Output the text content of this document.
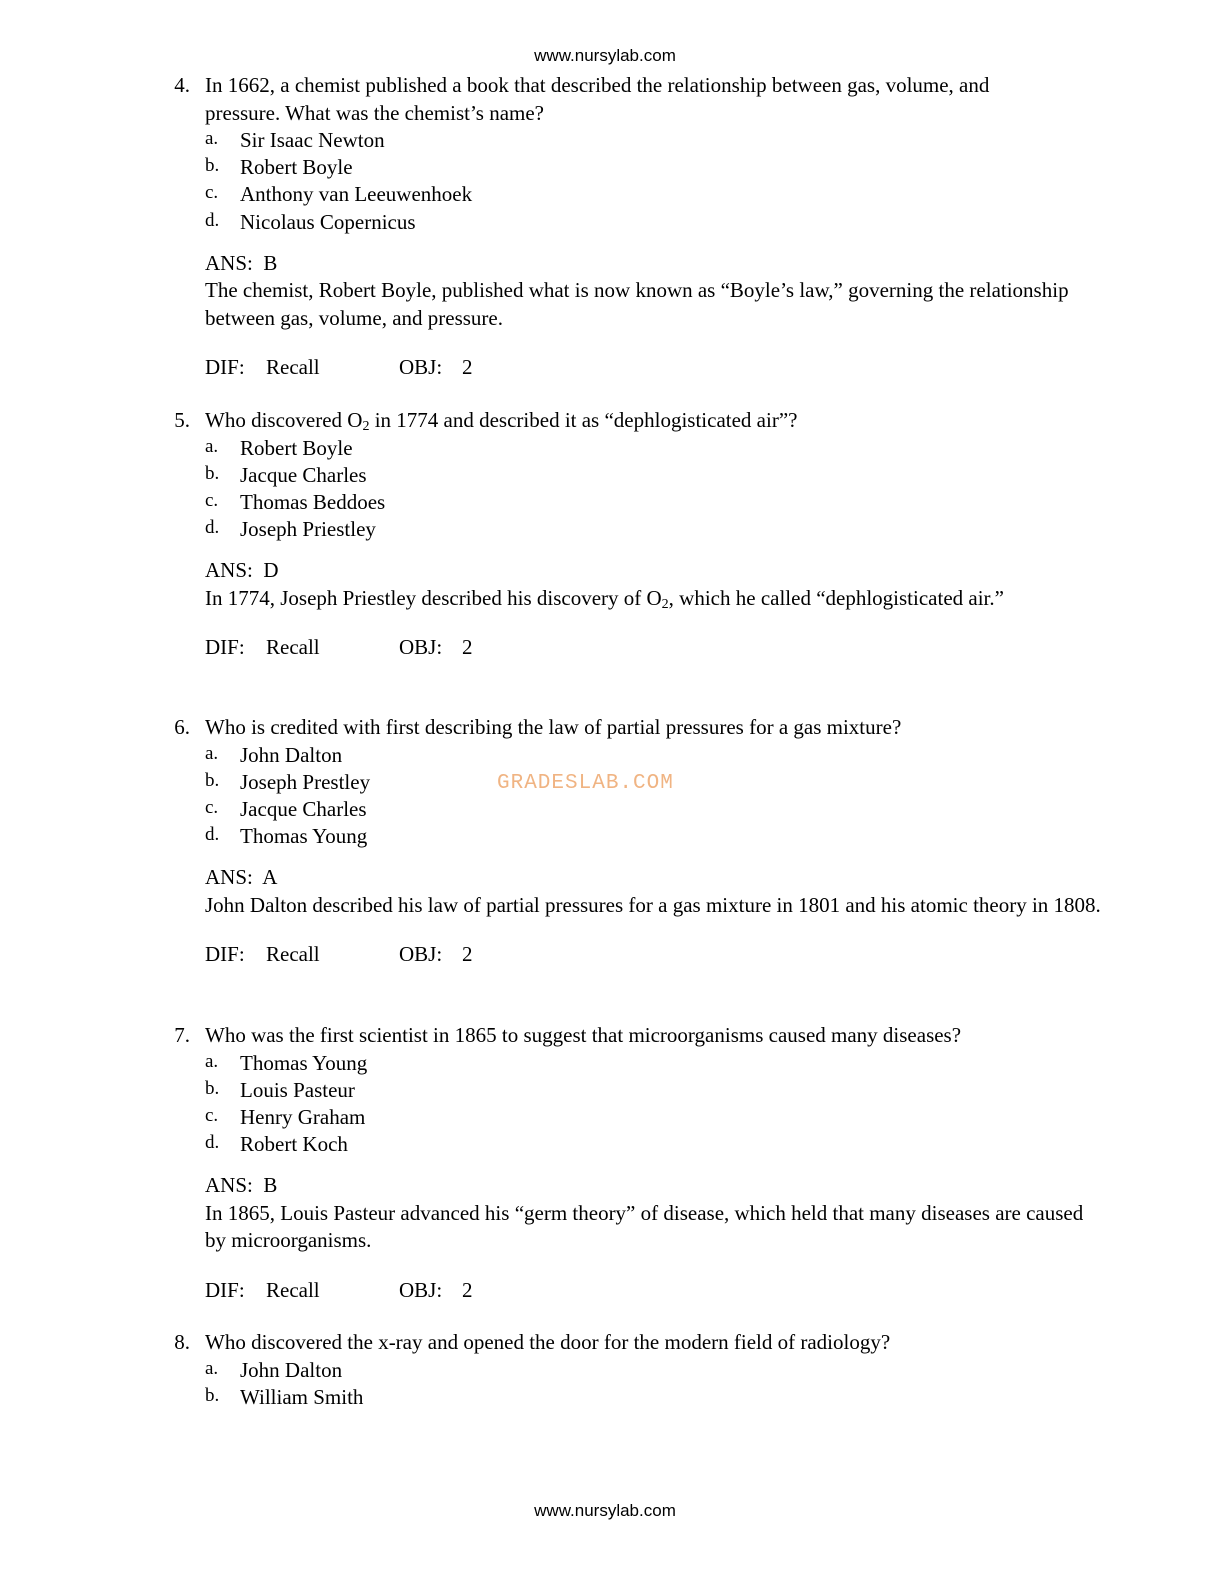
www.nursylab.com
4. In 1662, a chemist published a book that described the relationship between gas, volume, and
pressure. What was the chemist’s name?
a. Sir Isaac Newton
b. Robert Boyle
c. Anthony van Leeuwenhoek
d. Nicolaus Copernicus
ANS: B
The chemist, Robert Boyle, published what is now known as “Boyle’s law,” governing the relationship between gas, volume, and pressure.
DIF: Recall	OBJ: 2
5. Who discovered $O_2$ in 1774 and described it as “dephlogisticated air”?
a. Robert Boyle
b. Jacque Charles
c. Thomas Beddoes
d. Joseph Priestley
ANS: D
In 1774, Joseph Priestley described his discovery of $O_2$, which he called “dephlogisticated air.”
DIF: Recall	OBJ: 2
6. Who is credited with first describing the law of partial pressures for a gas mixture?
a. John Dalton
b. Joseph Prestley
c. Jacque Charles
d. Thomas Young
ANS: A
John Dalton described his law of partial pressures for a gas mixture in 1801 and his atomic theory in 1808.
DIF: Recall	OBJ: 2
7. Who was the first scientist in 1865 to suggest that microorganisms caused many diseases?
a. Thomas Young
b. Louis Pasteur
c. Henry Graham
d. Robert Koch
ANS: B
In 1865, Louis Pasteur advanced his “germ theory” of disease, which held that many diseases are caused by microorganisms.
DIF: Recall	OBJ: 2
8. Who discovered the x-ray and opened the door for the modern field of radiology?
a. John Dalton
b. William Smith
GRADESLAB.COM
www.nursylab.com
